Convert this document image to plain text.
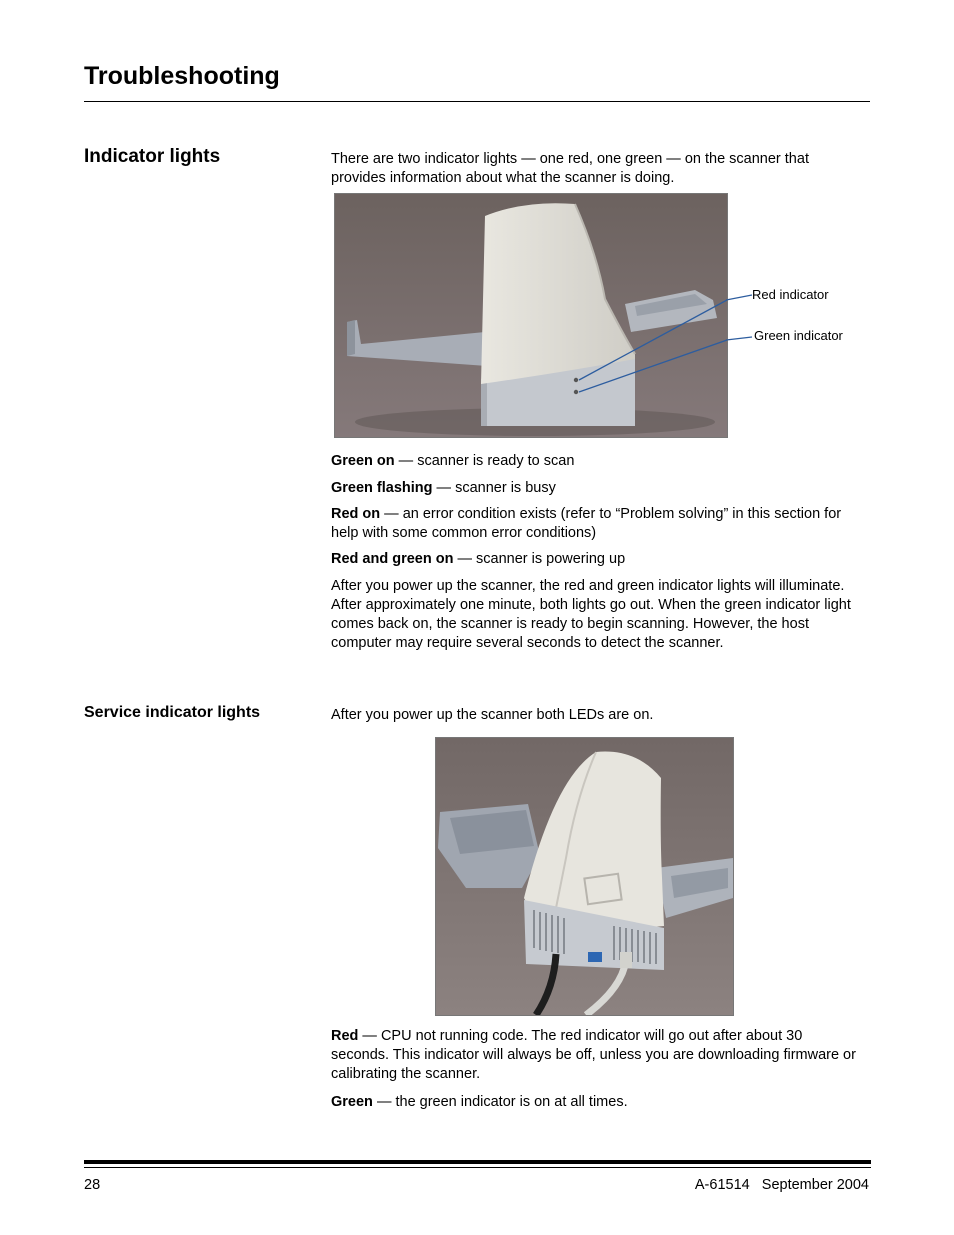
Troubleshooting
Indicator lights	There are two indicator lights — one red, one green — on the scanner that provides information about what the scanner is doing.

Red indicator
Green indicator

Green on — scanner is ready to scan

Green flashing — scanner is busy

Red on — an error condition exists (refer to “Problem solving” in this section for help with some common error conditions)

Red and green on — scanner is powering up

After you power up the scanner, the red and green indicator lights will illuminate. After approximately one minute, both lights go out. When the green indicator light comes back on, the scanner is ready to begin scanning. However, the host computer may require several seconds to detect the scanner.

Service indicator lights	After you power up the scanner both LEDs are on.

Red — CPU not running code. The red indicator will go out after about 30 seconds. This indicator will always be off, unless you are downloading firmware or calibrating the scanner.

Green — the green indicator is on at all times.

28	A-61514   September 2004
